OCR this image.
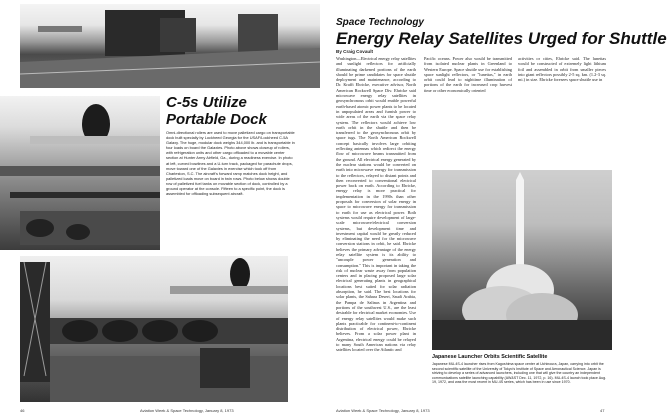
C-5s Utilize Portable Dock

Omni-directional rollers are used to move palletized cargo on transportable dock built specially by Lockheed Georgia for the USAF/Lockheed C-5A Galaxy. The huge, modular dock weighs 344,000 lb. and is transportable in four loads on board the Galaxies. Photo above shows closeup of rollers, with refrigeration units and other cargo offloaded to a movable center section at Hunter Army Airfield, Ga., during a readiness exercise. In photo at left, curved bowlines and a U-turn track, packaged for parachute drops, move toward one of the Galaxies in exercise which took off from Charleston, S.C. The aircraft's forward ramp matches dock height, and palletized loads move on board in twin rows. Photo below shows double row of palletized fuel tanks on movable section of dock, controlled by a ground operator at the console. Fifteen to a specific point, the dock is assembled for offloading subsequent aircraft.

46	Aviation Week & Space Technology, January 8, 1973
Space Technology
Energy Relay Satellites Urged for Shuttle
By Craig Covault

Washington—Electrical energy relay satellites and sunlight reflectors for artificially illuminating darkened portions of the earth should be prime candidates for space shuttle deployment and maintenance, according to Dr. Krafft Ehricke, executive advisor, North American Rockwell Space Div. Ehricke said microwave energy relay satellites in geosynchronous orbit would enable powerful earth-based atomic power plants to be located in unpopulated areas and furnish power to wide areas of the earth via the space relay system. The reflectors would achieve low earth orbit in the shuttle and then be transferred to the geosynchronous orbit by space tugs. The North American Rockwell concept basically involves large orbiting reflecting antennas which redirect the energy flow of microwave beams transmitted from the ground. All electrical energy generated by the nuclear stations would be converted on earth into microwave energy for transmission to the reflectors, relayed to distant points and then reconverted to conventional electrical power back on earth. According to Ehricke, energy relay is more practical for implementation in the 1990s than other proposals for conversion of solar energy in space to microwave energy for transmission to earth for use as electrical power. Both systems would require development of large-scale microwave/electrical conversion systems, but development time and investment capital would be greatly reduced by eliminating the need for the microwave conversion stations in orbit, he said. Ehricke believes the primary advantage of the energy relay satellite system is its ability to "uncouple power generation and consumption." This is important in taking the risk of nuclear waste away from population centers and in placing proposed large solar electrical generating plants in geographical locations best suited for solar radiation absorption, he said. The best locations for solar plants, the Sahara Desert, Saudi Arabia, the Pampa de Salinas in Argentina and portions of the southwest U.S., are the least desirable for electrical market economies. Use of energy relay satellites would make such plants practicable for continent-to-continent distribution of electrical power, Ehricke believes. From a solar power plant in Argentina, electrical energy could be relayed to many South American nations via relay satellites located over the Atlantic and

Pacific oceans. Power also would be transmitted from isolated nuclear plants in Greenland to Western Europe. Space shuttle use for establishing space sunlight reflectors, or "lunettas," in earth orbit could lead to nighttime illumination of portions of the earth for increased crop harvest time or other economically oriented

activities or cities, Ehricke said. The lunettas would be constructed of extremely light lithium foil and assembled in orbit from smaller pieces into giant reflectors possibly 2-5 sq. km. (1.2-3 sq. mi.) in size. Ehricke foresees space shuttle use in

Japanese Launcher Orbits Scientific Satellite

Japanese MU-4S-4 launcher rises from Kagoshima space center at Uchinoura, Japan, carrying into orbit the second scientific satellite of the University of Tokyo's Institute of Space and Aeronautical Science. Japan is striving to develop a series of advanced launchers, including one that will give the country an independent communications satellite launching capability (AW&ST Dec. 11, 1972, p. 16). MU-4S-4 launch took place Aug. 19, 1972, and was the most recent in MU-4S series, which has been in use since 1970.

Aviation Week & Space Technology, January 8, 1973	47
